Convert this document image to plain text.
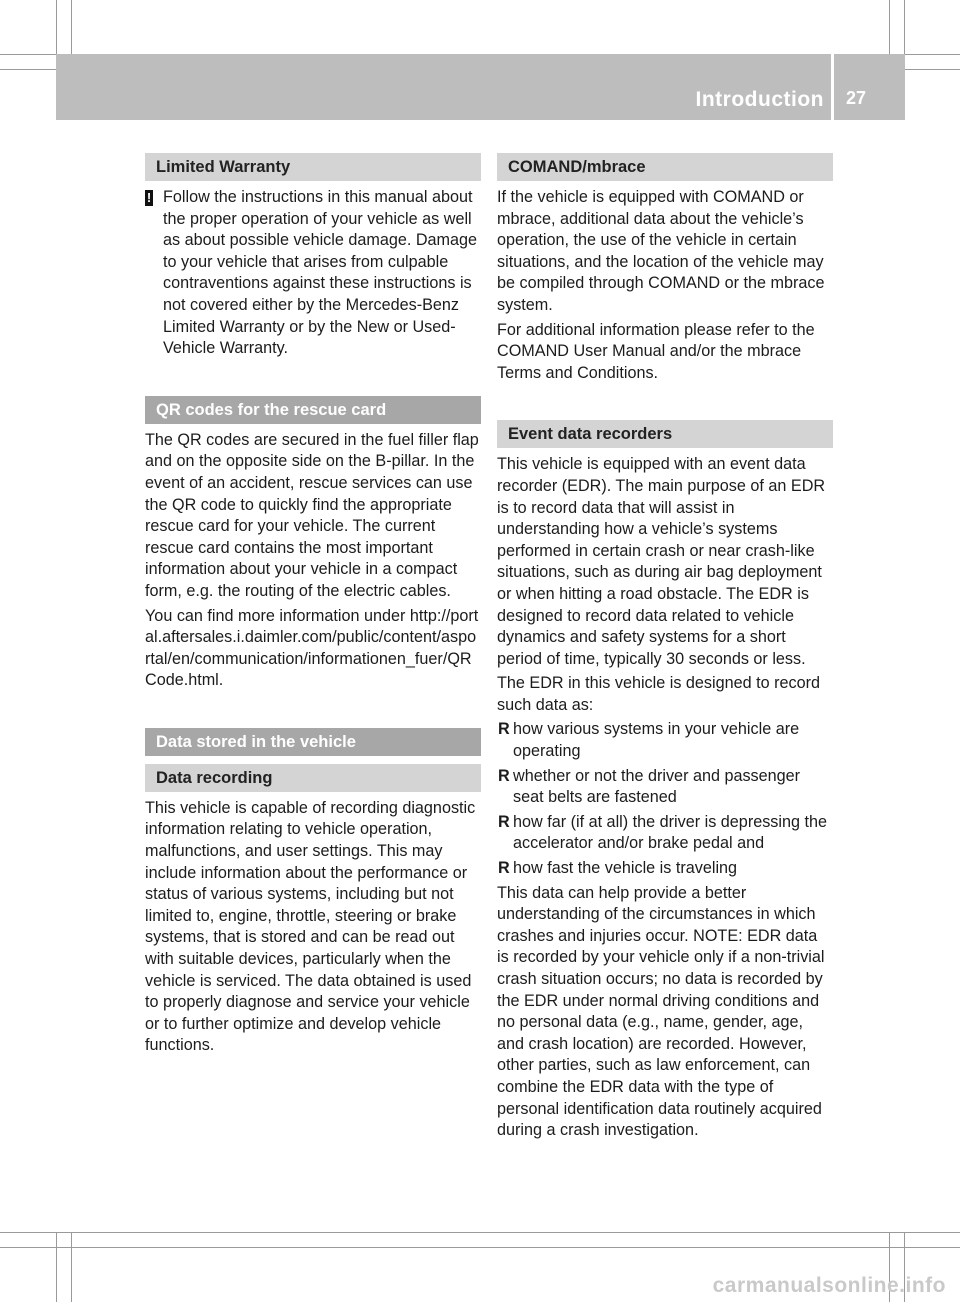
Introduction 27
Limited Warranty
! Follow the instructions in this manual about the proper operation of your vehicle as well as about possible vehicle damage. Damage to your vehicle that arises from culpable contraventions against these instructions is not covered either by the Mercedes-Benz Limited Warranty or by the New or Used-Vehicle Warranty.

QR codes for the rescue card

The QR codes are secured in the fuel filler flap and on the opposite side on the B-pillar. In the event of an accident, rescue services can use the QR code to quickly find the appropriate rescue card for your vehicle. The current rescue card contains the most important information about your vehicle in a compact form, e.g. the routing of the electric cables.

You can find more information under http://portal.aftersales.i.daimler.com/public/content/asportal/en/communication/informationen_fuer/QRCode.html.

Data stored in the vehicle
Data recording

This vehicle is capable of recording diagnostic information relating to vehicle operation, malfunctions, and user settings. This may include information about the performance or status of various systems, including but not limited to, engine, throttle, steering or brake systems, that is stored and can be read out with suitable devices, particularly when the vehicle is serviced. The data obtained is used to properly diagnose and service your vehicle or to further optimize and develop vehicle functions.

COMAND/mbrace

If the vehicle is equipped with COMAND or mbrace, additional data about the vehicle’s operation, the use of the vehicle in certain situations, and the location of the vehicle may be compiled through COMAND or the mbrace system.

For additional information please refer to the COMAND User Manual and/or the mbrace Terms and Conditions.

Event data recorders

This vehicle is equipped with an event data recorder (EDR). The main purpose of an EDR is to record data that will assist in understanding how a vehicle’s systems performed in certain crash or near crash-like situations, such as during air bag deployment or when hitting a road obstacle. The EDR is designed to record data related to vehicle dynamics and safety systems for a short period of time, typically 30 seconds or less.

The EDR in this vehicle is designed to record such data as:

R how various systems in your vehicle are operating
R whether or not the driver and passenger seat belts are fastened
R how far (if at all) the driver is depressing the accelerator and/or brake pedal and
R how fast the vehicle is traveling

This data can help provide a better understanding of the circumstances in which crashes and injuries occur. NOTE: EDR data is recorded by your vehicle only if a non-trivial crash situation occurs; no data is recorded by the EDR under normal driving conditions and no personal data (e.g., name, gender, age, and crash location) are recorded. However, other parties, such as law enforcement, can combine the EDR data with the type of personal identification data routinely acquired during a crash investigation.

carmanualsonline.info
